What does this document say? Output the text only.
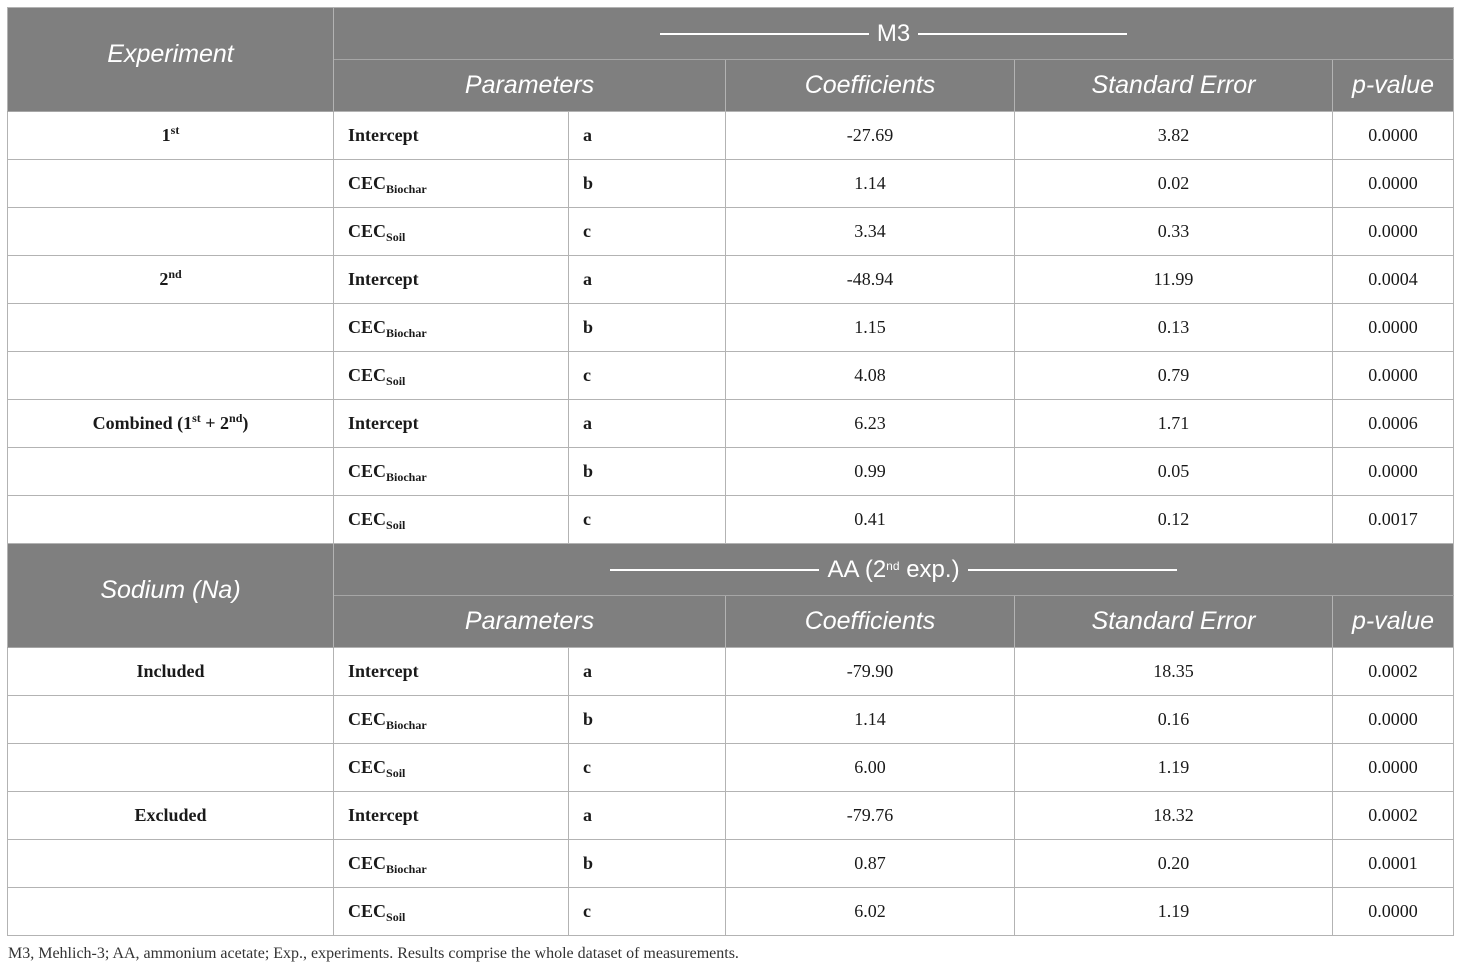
Experiment	M3				
	Parameters		Coefficients	Standard Error	p-value
1st	Intercept	a	-27.69	3.82	0.0000
	$CEC_{Biochar}$	b	1.14	0.02	0.0000
	$CEC_{Soil}$	c	3.34	0.33	0.0000
2nd	Intercept	a	-48.94	11.99	0.0004
	$CEC_{Biochar}$	b	1.15	0.13	0.0000
	$CEC_{Soil}$	c	4.08	0.79	0.0000
Combined (1st + 2nd)	Intercept	a	6.23	1.71	0.0006
	$CEC_{Biochar}$	b	0.99	0.05	0.0000
	$CEC_{Soil}$	c	0.41	0.12	0.0017
Sodium (Na)	AA (2nd exp.)				
	Parameters		Coefficients	Standard Error	p-value
Included	Intercept	a	-79.90	18.35	0.0002
	$CEC_{Biochar}$	b	1.14	0.16	0.0000
	$CEC_{Soil}$	c	6.00	1.19	0.0000
Excluded	Intercept	a	-79.76	18.32	0.0002
	$CEC_{Biochar}$	b	0.87	0.20	0.0001
	$CEC_{Soil}$	c	6.02	1.19	0.0000
M3, Mehlich-3; AA, ammonium acetate; Exp., experiments. Results comprise the whole dataset of measurements.
